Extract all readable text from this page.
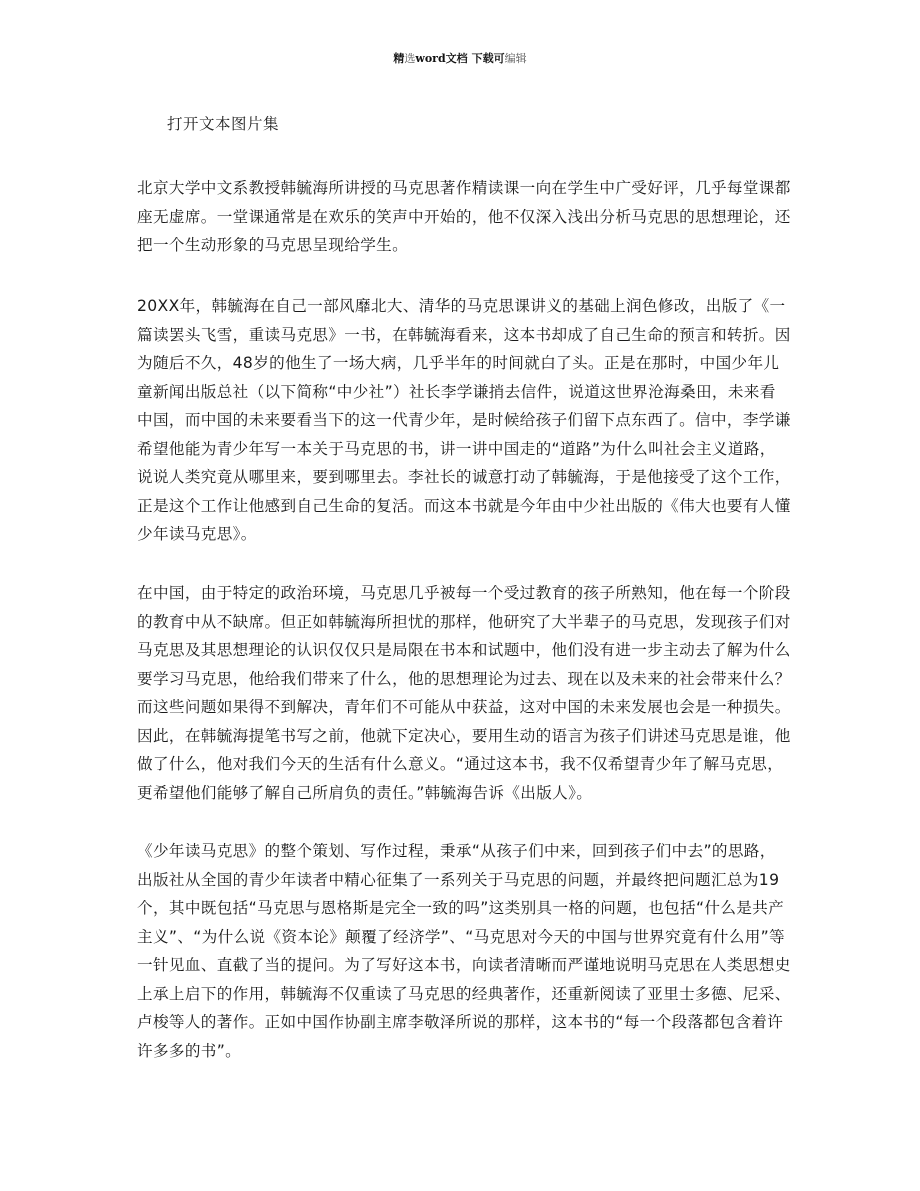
精选word文档 下载可编辑
打开文本图片集

北京大学中文系教授韩毓海所讲授的马克思著作精读课一向在学生中广受好评，几乎每堂课都
座无虚席。一堂课通常是在欢乐的笑声中开始的，他不仅深入浅出分析马克思的思想理论，还
把一个生动形象的马克思呈现给学生。

20XX年，韩毓海在自己一部风靡北大、清华的马克思课讲义的基础上润色修改，出版了《一
篇读罢头飞雪，重读马克思》一书，在韩毓海看来，这本书却成了自己生命的预言和转折。因
为随后不久，48岁的他生了一场大病，几乎半年的时间就白了头。正是在那时，中国少年儿
童新闻出版总社（以下简称“中少社”）社长李学谦捎去信件，说道这世界沧海桑田，未来看
中国，而中国的未来要看当下的这一代青少年，是时候给孩子们留下点东西了。信中，李学谦
希望他能为青少年写一本关于马克思的书，讲一讲中国走的“道路”为什么叫社会主义道路，
说说人类究竟从哪里来，要到哪里去。李社长的诚意打动了韩毓海，于是他接受了这个工作，
正是这个工作让他感到自己生命的复活。而这本书就是今年由中少社出版的《伟大也要有人懂
少年读马克思》。

在中国，由于特定的政治环境，马克思几乎被每一个受过教育的孩子所熟知，他在每一个阶段
的教育中从不缺席。但正如韩毓海所担忧的那样，他研究了大半辈子的马克思，发现孩子们对
马克思及其思想理论的认识仅仅只是局限在书本和试题中，他们没有进一步主动去了解为什么
要学习马克思，他给我们带来了什么，他的思想理论为过去、现在以及未来的社会带来什么？
而这些问题如果得不到解决，青年们不可能从中获益，这对中国的未来发展也会是一种损失。
因此，在韩毓海提笔书写之前，他就下定决心，要用生动的语言为孩子们讲述马克思是谁，他
做了什么，他对我们今天的生活有什么意义。“通过这本书，我不仅希望青少年了解马克思，
更希望他们能够了解自己所肩负的责任。”韩毓海告诉《出版人》。

《少年读马克思》的整个策划、写作过程，秉承“从孩子们中来，回到孩子们中去”的思路，
出版社从全国的青少年读者中精心征集了一系列关于马克思的问题，并最终把问题汇总为19
个，其中既包括“马克思与恩格斯是完全一致的吗”这类别具一格的问题，也包括“什么是共产
主义”、“为什么说《资本论》颠覆了经济学”、“马克思对今天的中国与世界究竟有什么用”等
一针见血、直截了当的提问。为了写好这本书，向读者清晰而严谨地说明马克思在人类思想史
上承上启下的作用，韩毓海不仅重读了马克思的经典著作，还重新阅读了亚里士多德、尼采、
卢梭等人的著作。正如中国作协副主席李敬泽所说的那样，这本书的“每一个段落都包含着许
许多多的书”。
